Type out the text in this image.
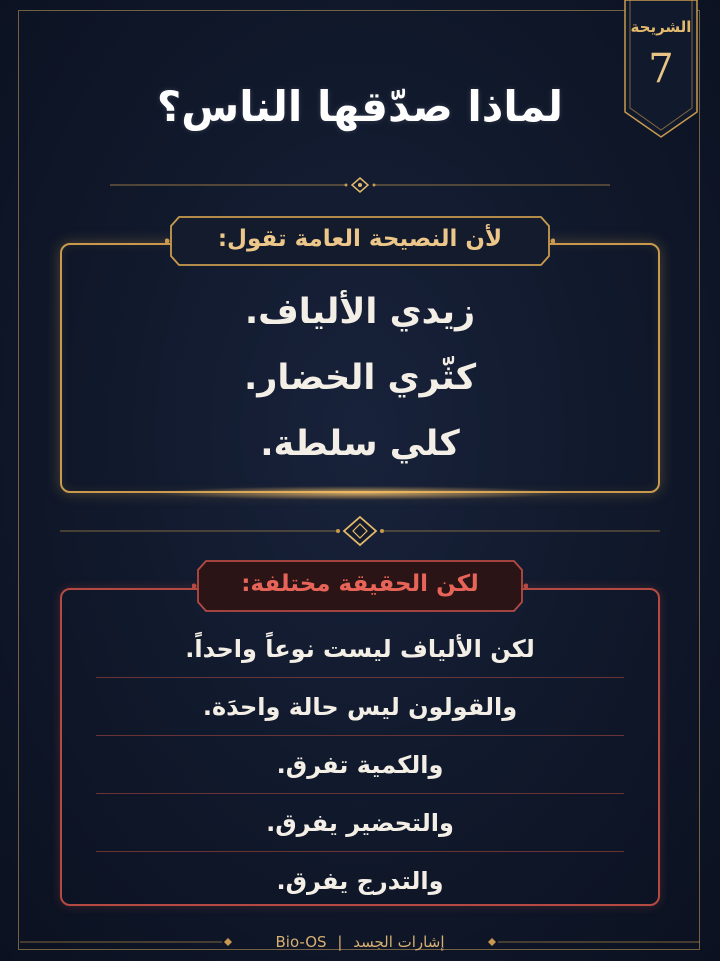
الشريحة
7
لماذا صدّقها الناس؟
لأن النصيحة العامة تقول:
زيدي الألياف.
كثّري الخضار.
كلي سلطة.
لكن الحقيقة مختلفة:
لكن الألياف ليست نوعاً واحداً.
والقولون ليس حالة واحدَة.
والكمية تفرق.
والتحضير يفرق.
والتدرج يفرق.
Bio-OS | إشارات الجسد
